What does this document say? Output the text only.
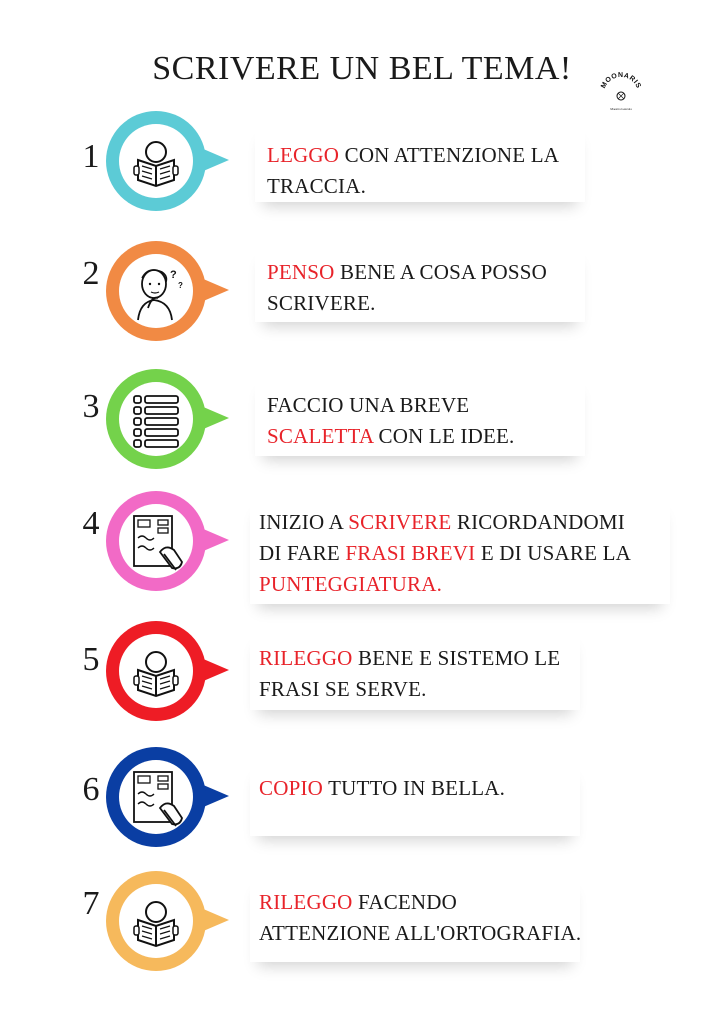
SCRIVERE UN BEL TEMA!	MOONARIS
Maestra Gazzola
1	LEGGO CON ATTENZIONE LA
TRACCIA.
2	?
?
PENSO BENE A COSA POSSO
SCRIVERE.
3	FACCIO UNA BREVE
SCALETTA CON LE IDEE.
4	INIZIO A SCRIVERE RICORDANDOMI
DI FARE FRASI BREVI E DI USARE LA
PUNTEGGIATURA.
5	RILEGGO BENE E SISTEMO LE
FRASI SE SERVE.
6	COPIO TUTTO IN BELLA.
7	RILEGGO FACENDO
ATTENZIONE ALL'ORTOGRAFIA.
